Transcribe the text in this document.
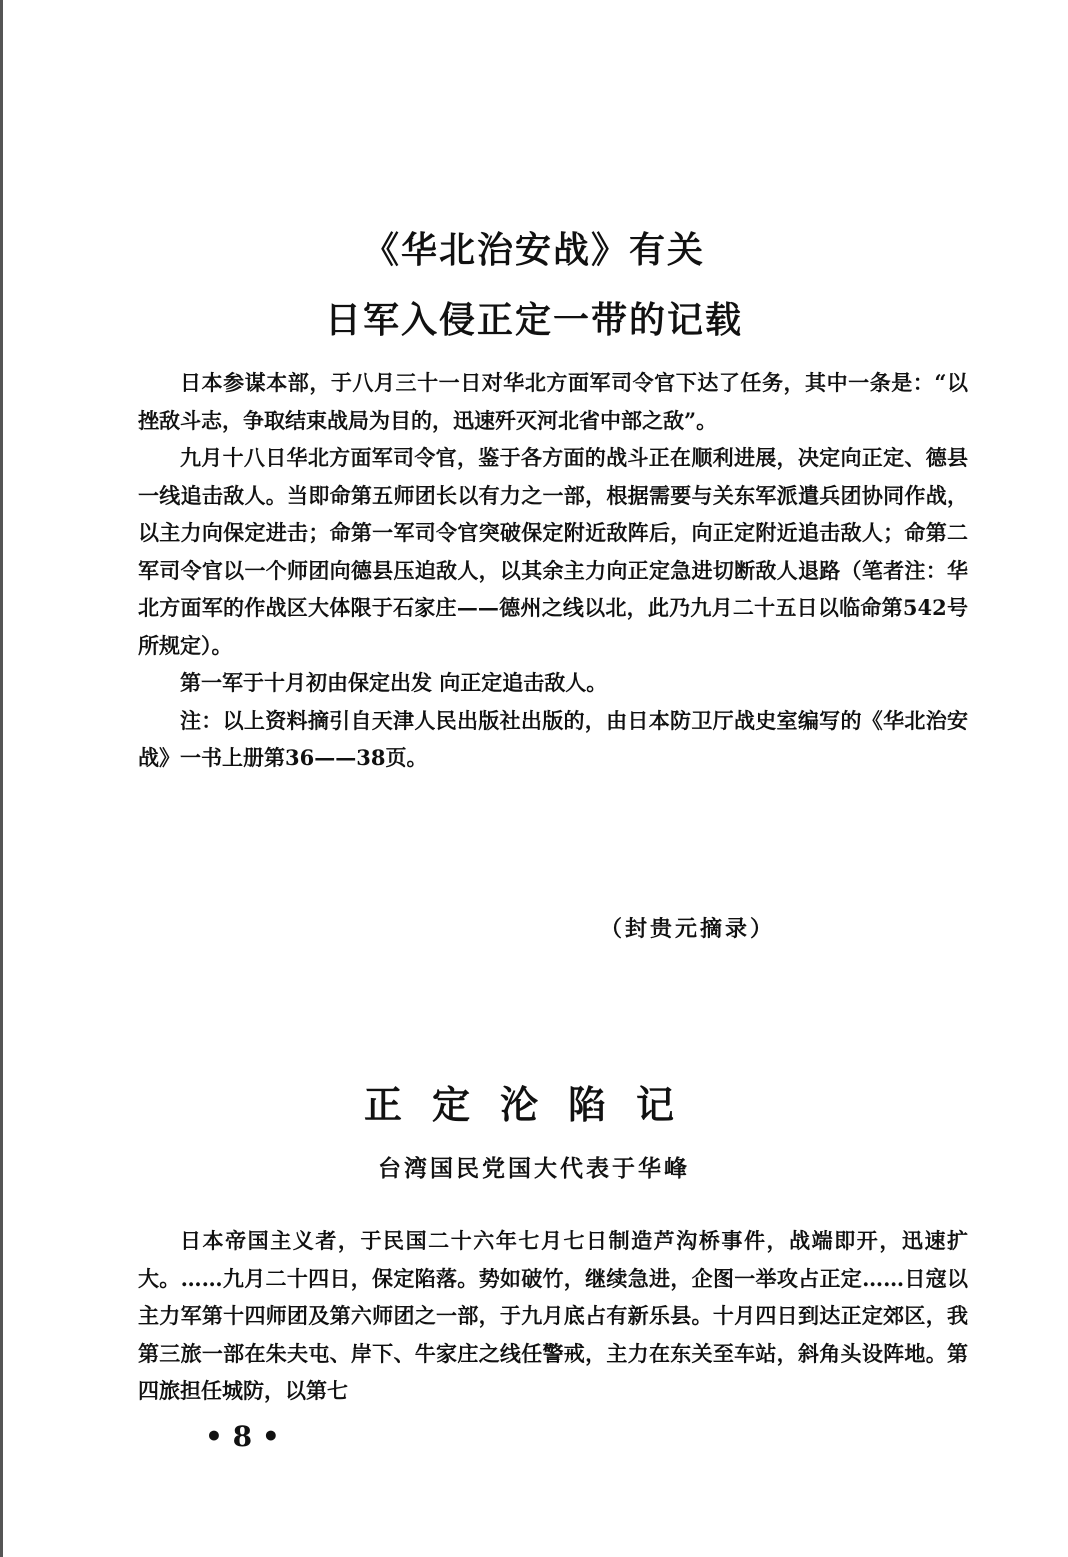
《华北治安战》有关
日军入侵正定一带的记载

日本参谋本部，于八月三十一日对华北方面军司令官下达了任务，其中一条是：“以挫敌斗志，争取结束战局为目的，迅速歼灭河北省中部之敌”。

九月十八日华北方面军司令官，鉴于各方面的战斗正在顺利进展，决定向正定、德县一线追击敌人。当即命第五师团长以有力之一部，根据需要与关东军派遣兵团协同作战，以主力向保定进击；命第一军司令官突破保定附近敌阵后，向正定附近追击敌人；命第二军司令官以一个师团向德县压迫敌人，以其余主力向正定急进切断敌人退路（笔者注：华北方面军的作战区大体限于石家庄——德州之线以北，此乃九月二十五日以临命第542号所规定）。

第一军于十月初由保定出发 向正定追击敌人。

注：以上资料摘引自天津人民出版社出版的，由日本防卫厅战史室编写的《华北治安战》一书上册第36——38页。

（封贵元摘录）
正定沦陷记
台湾国民党国大代表于华峰

日本帝国主义者，于民国二十六年七月七日制造芦沟桥事件，战端即开，迅速扩大。……九月二十四日，保定陷落。势如破竹，继续急进，企图一举攻占正定……日寇以主力军第十四师团及第六师团之一部，于九月底占有新乐县。十月四日到达正定郊区，我第三旅一部在朱夫屯、岸下、牛家庄之线任警戒，主力在东关至车站，斜角头设阵地。第四旅担任城防，以第七

• 8 •
